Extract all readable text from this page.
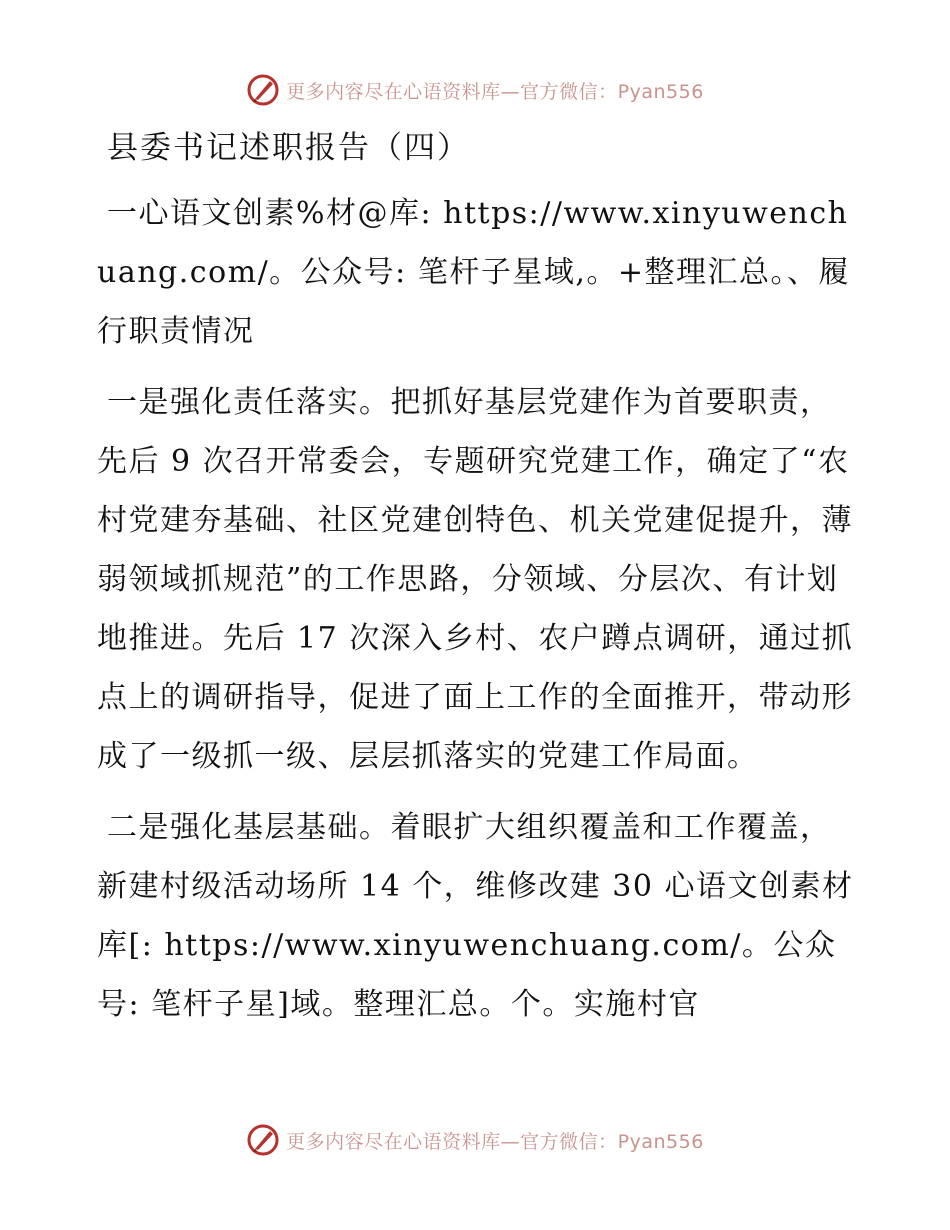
更多内容尽在心语资料库—官方微信：Pyan556
县委书记述职报告（四）

一心语文创素%材@库: https://www.xinyuwenchuang.com/。公众号: 笔杆子星域,。+整理汇总。、履行职责情况

一是强化责任落实。把抓好基层党建作为首要职责，先后 9 次召开常委会，专题研究党建工作，确定了“农村党建夯基础、社区党建创特色、机关党建促提升，薄弱领域抓规范”的工作思路，分领域、分层次、有计划地推进。先后 17 次深入乡村、农户蹲点调研，通过抓点上的调研指导，促进了面上工作的全面推开，带动形成了一级抓一级、层层抓落实的党建工作局面。

二是强化基层基础。着眼扩大组织覆盖和工作覆盖，新建村级活动场所 14 个，维修改建 30 心语文创素材库[: https://www.xinyuwenchuang.com/。公众号: 笔杆子星]域。整理汇总。个。实施村官

更多内容尽在心语资料库—官方微信：Pyan556
